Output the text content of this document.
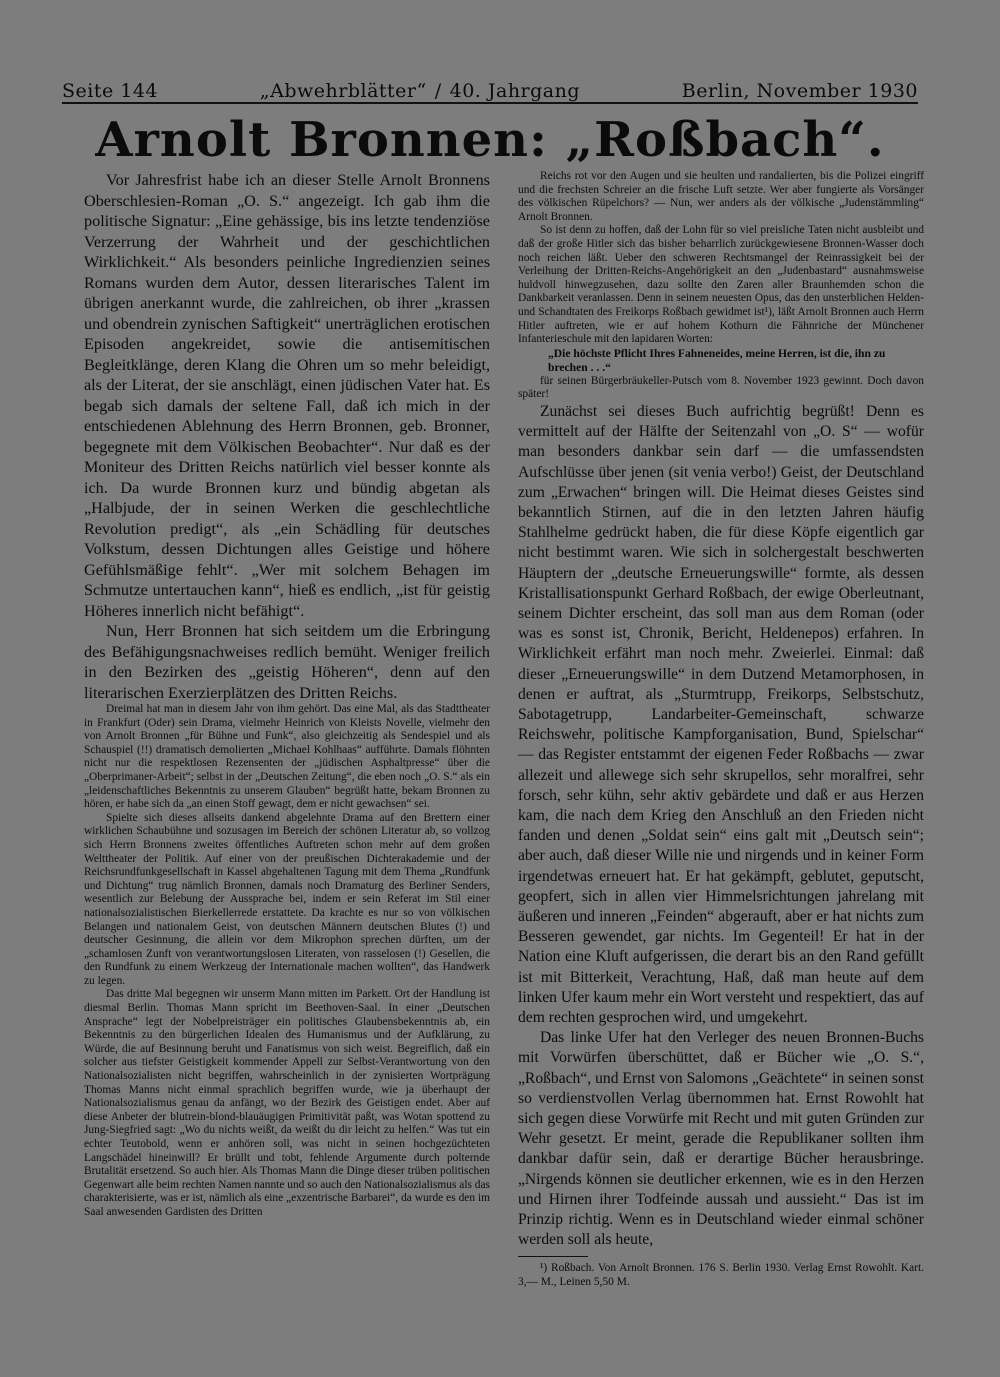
Seite 144	„Abwehrblätter“ / 40. Jahrgang	Berlin, November 1930
Arnolt Bronnen: „Roßbach“.

Vor Jahresfrist habe ich an dieser Stelle Arnolt Bronnens Oberschlesien-Roman „O. S.“ angezeigt. Ich gab ihm die politische Signatur: „Eine gehässige, bis ins letzte tendenziöse Verzerrung der Wahrheit und der geschichtlichen Wirklichkeit.“ Als besonders peinliche Ingredienzien seines Romans wurden dem Autor, dessen literarisches Talent im übrigen anerkannt wurde, die zahlreichen, ob ihrer „krassen und obendrein zynischen Saftigkeit“ unerträglichen erotischen Episoden angekreidet, sowie die antisemitischen Begleitklänge, deren Klang die Ohren um so mehr beleidigt, als der Literat, der sie anschlägt, einen jüdischen Vater hat. Es begab sich damals der seltene Fall, daß ich mich in der entschiedenen Ablehnung des Herrn Bronnen, geb. Bronner, begegnete mit dem Völkischen Beobachter“. Nur daß es der Moniteur des Dritten Reichs natürlich viel besser konnte als ich. Da wurde Bronnen kurz und bündig abgetan als „Halbjude, der in seinen Werken die geschlechtliche Revolution predigt“, als „ein Schädling für deutsches Volkstum, dessen Dichtungen alles Geistige und höhere Gefühlsmäßige fehlt“. „Wer mit solchem Behagen im Schmutze untertauchen kann“, hieß es endlich, „ist für geistig Höheres innerlich nicht befähigt“.

Nun, Herr Bronnen hat sich seitdem um die Erbringung des Befähigungsnachweises redlich bemüht. Weniger freilich in den Bezirken des „geistig Höheren“, denn auf den literarischen Exerzierplätzen des Dritten Reichs.

Dreimal hat man in diesem Jahr von ihm gehört. Das eine Mal, als das Stadttheater in Frankfurt (Oder) sein Drama, vielmehr Heinrich von Kleists Novelle, vielmehr den von Arnolt Bronnen „für Bühne und Funk“, also gleichzeitig als Sendespiel und als Schauspiel (!!) dramatisch demolierten „Michael Kohlhaas“ aufführte. Damals flöhnten nicht nur die respektlosen Rezensenten der „jüdischen Asphaltpresse“ über die „Oberprimaner-Arbeit“; selbst in der „Deutschen Zeitung“, die eben noch „O. S.“ als ein „leidenschaftliches Bekenntnis zu unserem Glauben“ begrüßt hatte, bekam Bronnen zu hören, er habe sich da „an einen Stoff gewagt, dem er nicht gewachsen“ sei.

Spielte sich dieses allseits dankend abgelehnte Drama auf den Brettern einer wirklichen Schaubühne und sozusagen im Bereich der schönen Literatur ab, so vollzog sich Herrn Bronnens zweites öffentliches Auftreten schon mehr auf dem großen Welttheater der Politik. Auf einer von der preußischen Dichterakademie und der Reichsrundfunkgesellschaft in Kassel abgehaltenen Tagung mit dem Thema „Rundfunk und Dichtung“ trug nämlich Bronnen, damals noch Dramaturg des Berliner Senders, wesentlich zur Belebung der Aussprache bei, indem er sein Referat im Stil einer nationalsozialistischen Bierkellerrede erstattete. Da krachte es nur so von völkischen Belangen und nationalem Geist, von deutschen Männern deutschen Blutes (!) und deutscher Gesinnung, die allein vor dem Mikrophon sprechen dürften, um der „schamlosen Zunft von verantwortungslosen Literaten, von rasselosen (!) Gesellen, die den Rundfunk zu einem Werkzeug der Internationale machen wollten“, das Handwerk zu legen.

Das dritte Mal begegnen wir unserm Mann mitten im Parkett. Ort der Handlung ist diesmal Berlin. Thomas Mann spricht im Beethoven-Saal. In einer „Deutschen Ansprache“ legt der Nobelpreisträger ein politisches Glaubensbekenntnis ab, ein Bekenntnis zu den bürgerlichen Idealen des Humanismus und der Aufklärung, zu Würde, die auf Besinnung beruht und Fanatismus von sich weist. Begreiflich, daß ein solcher aus tiefster Geistigkeit kommender Appell zur Selbst-Verantwortung von den Nationalsozialisten nicht begriffen, wahrscheinlich in der zynisierten Wortprägung Thomas Manns nicht einmal sprachlich begriffen wurde, wie ja überhaupt der Nationalsozialismus genau da anfängt, wo der Bezirk des Geistigen endet. Aber auf diese Anbeter der blutrein-blond-blauäugigen Primitivität paßt, was Wotan spottend zu Jung-Siegfried sagt: „Wo du nichts weißt, da weißt du dir leicht zu helfen.“ Was tut ein echter Teutobold, wenn er anhören soll, was nicht in seinen hochgezüchteten Langschädel hineinwill? Er brüllt und tobt, fehlende Argumente durch polternde Brutalität ersetzend. So auch hier. Als Thomas Mann die Dinge dieser trüben politischen Gegenwart alle beim rechten Namen nannte und so auch den Nationalsozialismus als das charakterisierte, was er ist, nämlich als eine „exzentrische Barbarei“, da wurde es den im Saal anwesenden Gardisten des Dritten

Reichs rot vor den Augen und sie heulten und randalierten, bis die Polizei eingriff und die frechsten Schreier an die frische Luft setzte. Wer aber fungierte als Vorsänger des völkischen Rüpelchors? — Nun, wer anders als der völkische „Judenstämmling“ Arnolt Bronnen.

So ist denn zu hoffen, daß der Lohn für so viel preisliche Taten nicht ausbleibt und daß der große Hitler sich das bisher beharrlich zurückgewiesene Bronnen-Wasser doch noch reichen läßt. Ueber den schweren Rechtsmangel der Reinrassigkeit bei der Verleihung der Dritten-Reichs-Angehörigkeit an den „Judenbastard“ ausnahmsweise huldvoll hinwegzusehen, dazu sollte den Zaren aller Braunhemden schon die Dankbarkeit veranlassen. Denn in seinem neuesten Opus, das den unsterblichen Helden- und Schandtaten des Freikorps Roßbach gewidmet ist¹), läßt Arnolt Bronnen auch Herrn Hitler auftreten, wie er auf hohem Kothurn die Fähnriche der Münchener Infanterieschule mit den lapidaren Worten:

„Die höchste Pflicht Ihres Fahneneides, meine Herren, ist die, ihn zu brechen . . .“

für seinen Bürgerbräukeller-Putsch vom 8. November 1923 gewinnt. Doch davon später!

Zunächst sei dieses Buch aufrichtig begrüßt! Denn es vermittelt auf der Hälfte der Seitenzahl von „O. S“ — wofür man besonders dankbar sein darf — die umfassendsten Aufschlüsse über jenen (sit venia verbo!) Geist, der Deutschland zum „Erwachen“ bringen will. Die Heimat dieses Geistes sind bekanntlich Stirnen, auf die in den letzten Jahren häufig Stahlhelme gedrückt haben, die für diese Köpfe eigentlich gar nicht bestimmt waren. Wie sich in solchergestalt beschwerten Häuptern der „deutsche Erneuerungswille“ formte, als dessen Kristallisationspunkt Gerhard Roßbach, der ewige Oberleutnant, seinem Dichter erscheint, das soll man aus dem Roman (oder was es sonst ist, Chronik, Bericht, Heldenepos) erfahren. In Wirklichkeit erfährt man noch mehr. Zweierlei. Einmal: daß dieser „Erneuerungswille“ in dem Dutzend Metamorphosen, in denen er auftrat, als „Sturmtrupp, Freikorps, Selbstschutz, Sabotagetrupp, Landarbeiter-Gemeinschaft, schwarze Reichswehr, politische Kampforganisation, Bund, Spielschar“ — das Register entstammt der eigenen Feder Roßbachs — zwar allezeit und allewege sich sehr skrupellos, sehr moralfrei, sehr forsch, sehr kühn, sehr aktiv gebärdete und daß er aus Herzen kam, die nach dem Krieg den Anschluß an den Frieden nicht fanden und denen „Soldat sein“ eins galt mit „Deutsch sein“; aber auch, daß dieser Wille nie und nirgends und in keiner Form irgendetwas erneuert hat. Er hat gekämpft, geblutet, geputscht, geopfert, sich in allen vier Himmelsrichtungen jahrelang mit äußeren und inneren „Feinden“ abgerauft, aber er hat nichts zum Besseren gewendet, gar nichts. Im Gegenteil! Er hat in der Nation eine Kluft aufgerissen, die derart bis an den Rand gefüllt ist mit Bitterkeit, Verachtung, Haß, daß man heute auf dem linken Ufer kaum mehr ein Wort versteht und respektiert, das auf dem rechten gesprochen wird, und umgekehrt.

Das linke Ufer hat den Verleger des neuen Bronnen-Buchs mit Vorwürfen überschüttet, daß er Bücher wie „O. S.“, „Roßbach“, und Ernst von Salomons „Geächtete“ in seinen sonst so verdienstvollen Verlag übernommen hat. Ernst Rowohlt hat sich gegen diese Vorwürfe mit Recht und mit guten Gründen zur Wehr gesetzt. Er meint, gerade die Republikaner sollten ihm dankbar dafür sein, daß er derartige Bücher herausbringe. „Nirgends können sie deutlicher erkennen, wie es in den Herzen und Hirnen ihrer Todfeinde aussah und aussieht.“ Das ist im Prinzip richtig. Wenn es in Deutschland wieder einmal schöner werden soll als heute,

¹) Roßbach. Von Arnolt Bronnen. 176 S. Berlin 1930. Verlag Ernst Rowohlt. Kart. 3,— M., Leinen 5,50 M.
